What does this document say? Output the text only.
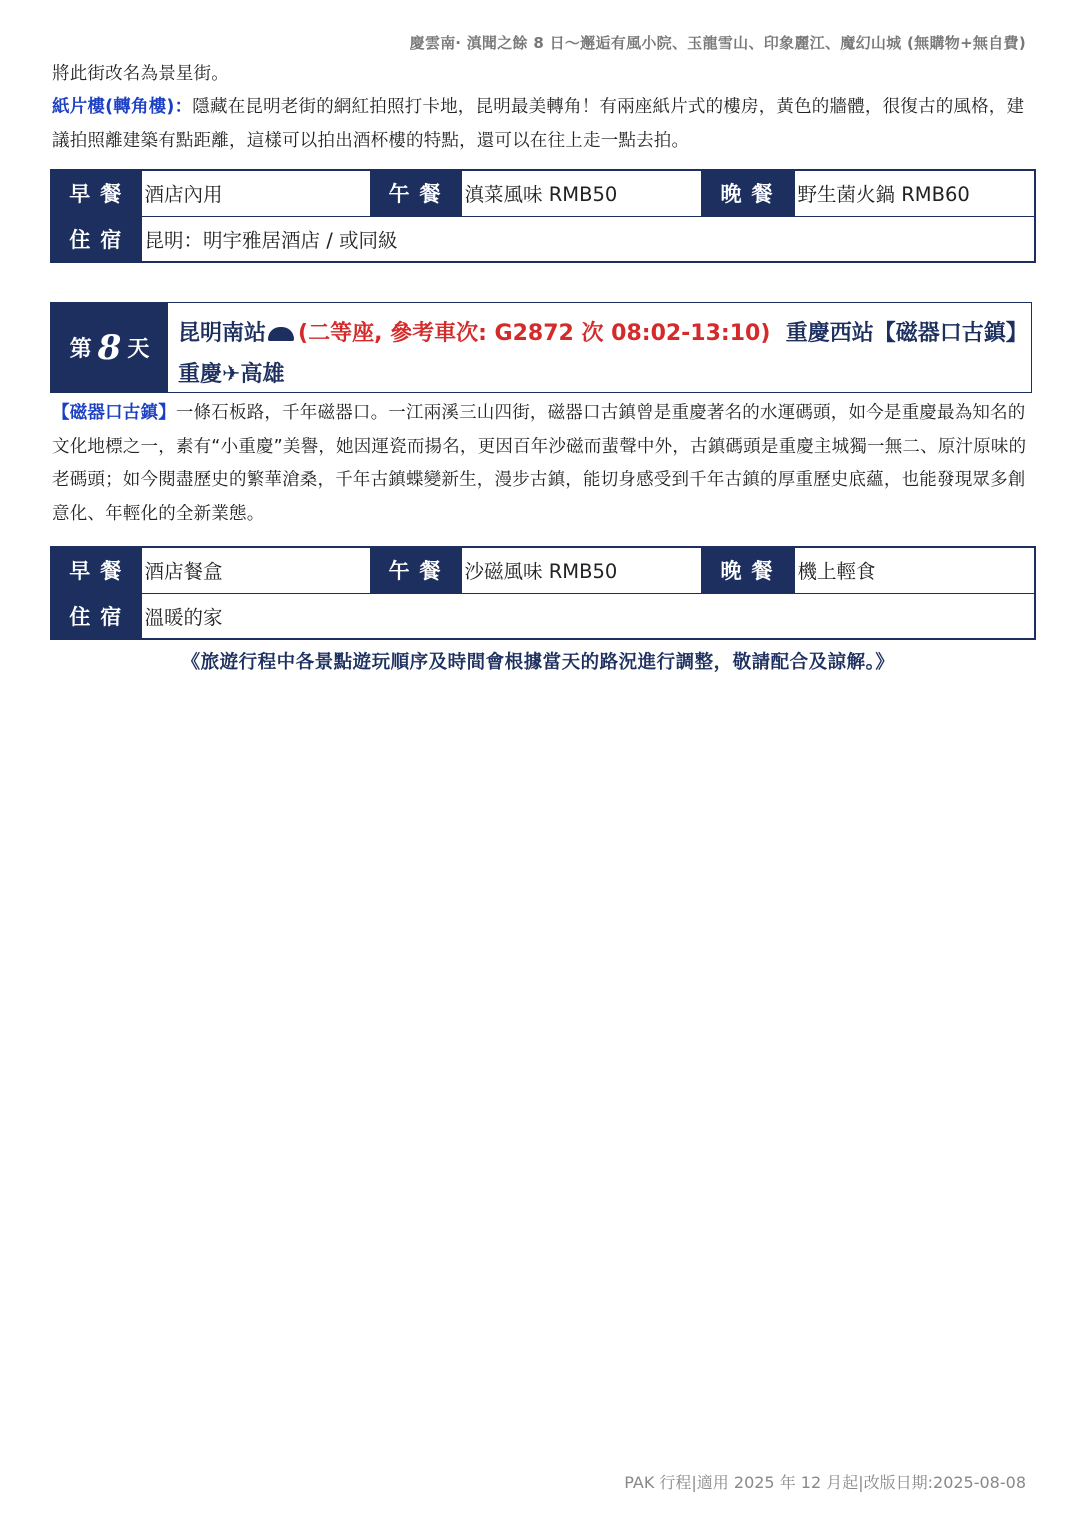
慶雲南‧ 滇聞之餘 8 日～邂逅有風小院、玉龍雪山、印象麗江、魔幻山城 (無購物+無自費)
將此街改名為景星街。
紙片樓(轉角樓)：隱藏在昆明老街的網紅拍照打卡地，昆明最美轉角！有兩座紙片式的樓房，黃色的牆體，很復古的風格，建議拍照離建築有點距離，這樣可以拍出酒杯樓的特點，還可以在往上走一點去拍。
早餐	酒店內用	午餐	滇菜風味 RMB50	晚餐	野生菌火鍋 RMB60
住宿	昆明：明宇雅居酒店 / 或同級				
第 8 天
昆明南站 (二等座, 參考車次: G2872 次 08:02-13:10) 重慶西站【磁器口古鎮】
重慶✈高雄
【磁器口古鎮】一條石板路，千年磁器口。一江兩溪三山四街，磁器口古鎮曾是重慶著名的水運碼頭，如今是重慶最為知名的文化地標之一，素有“小重慶”美譽，她因運瓷而揚名，更因百年沙磁而蜚聲中外，古鎮碼頭是重慶主城獨一無二、原汁原味的老碼頭；如今閱盡歷史的繁華滄桑，千年古鎮蝶變新生，漫步古鎮，能切身感受到千年古鎮的厚重歷史底蘊，也能發現眾多創意化、年輕化的全新業態。
早餐	酒店餐盒	午餐	沙磁風味 RMB50	晚餐	機上輕食
住宿	溫暖的家				
《旅遊行程中各景點遊玩順序及時間會根據當天的路況進行調整，敬請配合及諒解。》
PAK 行程|適用 2025 年 12 月起|改版日期:2025-08-08
